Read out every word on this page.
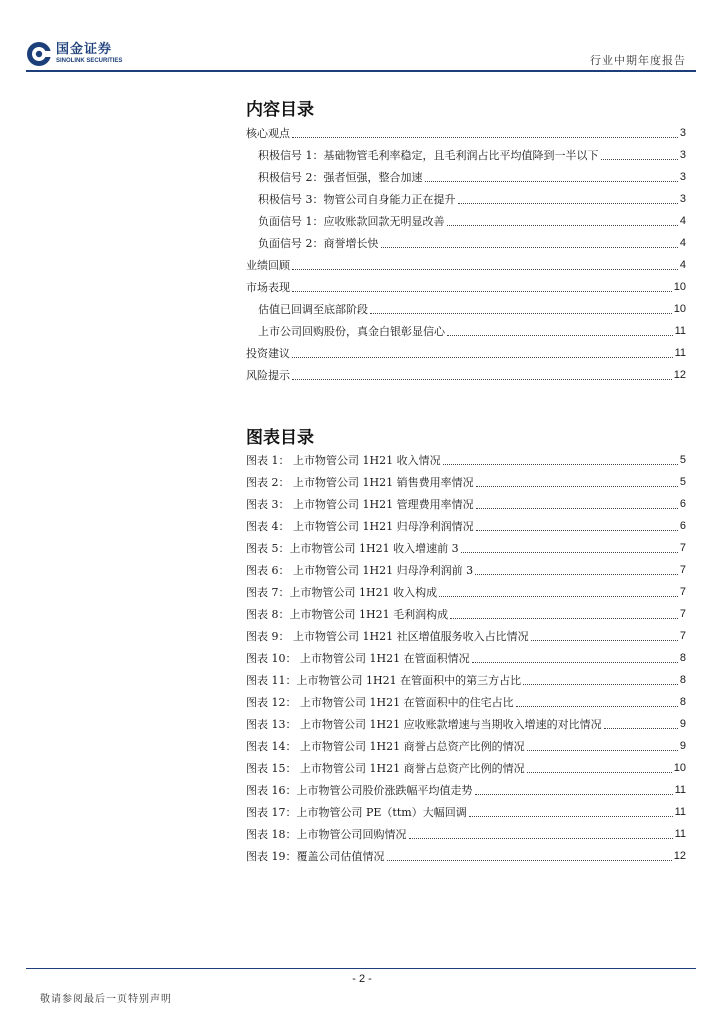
国金证券
SINOLINK SECURITIES	行业中期年度报告
内容目录
核心观点	3
积极信号 1：基础物管毛利率稳定，且毛利润占比平均值降到一半以下	3
积极信号 2：强者恒强，整合加速	3
积极信号 3：物管公司自身能力正在提升	3
负面信号 1：应收账款回款无明显改善	4
负面信号 2：商誉增长快	4
业绩回顾	4
市场表现	10
估值已回调至底部阶段	10
上市公司回购股份，真金白银彰显信心	11
投资建议	11
风险提示	12
图表目录
图表 1： 上市物管公司 1H21 收入情况	5
图表 2： 上市物管公司 1H21 销售费用率情况	5
图表 3： 上市物管公司 1H21 管理费用率情况	6
图表 4： 上市物管公司 1H21 归母净利润情况	6
图表 5：上市物管公司 1H21 收入增速前 3	7
图表 6： 上市物管公司 1H21 归母净利润前 3	7
图表 7：上市物管公司 1H21 收入构成	7
图表 8：上市物管公司 1H21 毛利润构成	7
图表 9： 上市物管公司 1H21 社区增值服务收入占比情况	7
图表 10： 上市物管公司 1H21 在管面积情况	8
图表 11：上市物管公司 1H21 在管面积中的第三方占比	8
图表 12： 上市物管公司 1H21 在管面积中的住宅占比	8
图表 13： 上市物管公司 1H21 应收账款增速与当期收入增速的对比情况	9
图表 14： 上市物管公司 1H21 商誉占总资产比例的情况	9
图表 15： 上市物管公司 1H21 商誉占总资产比例的情况	10
图表 16：上市物管公司股价涨跌幅平均值走势	11
图表 17：上市物管公司 PE（ttm）大幅回调	11
图表 18：上市物管公司回购情况	11
图表 19：覆盖公司估值情况	12
- 2 -
敬请参阅最后一页特别声明
